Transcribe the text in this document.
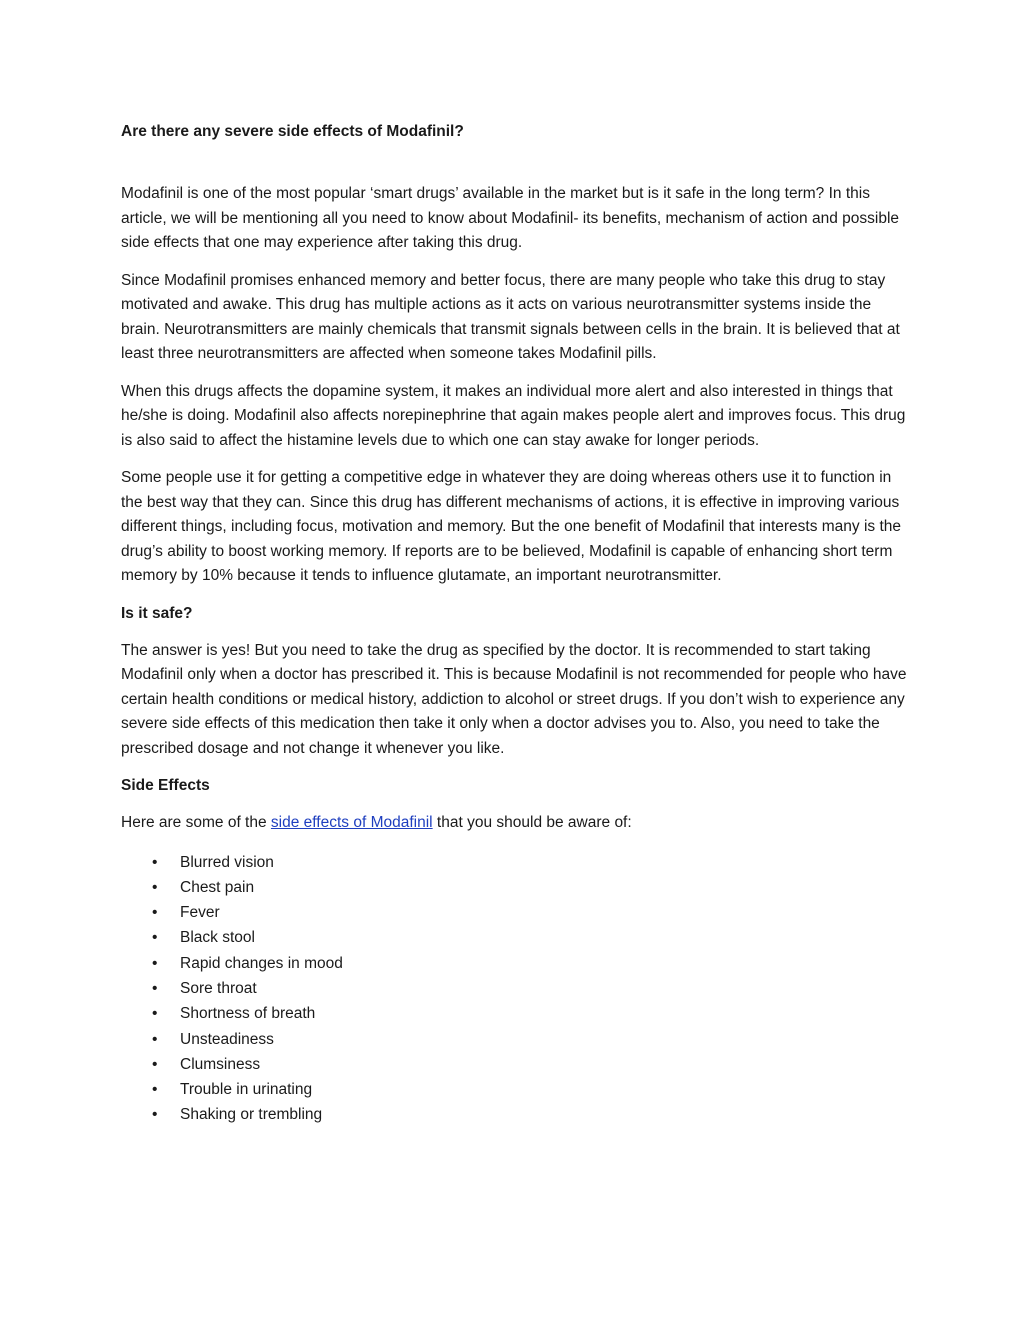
Are there any severe side effects of Modafinil?

Modafinil is one of the most popular ‘smart drugs’ available in the market but is it safe in the long term? In this article, we will be mentioning all you need to know about Modafinil- its benefits, mechanism of action and possible side effects that one may experience after taking this drug.

Since Modafinil promises enhanced memory and better focus, there are many people who take this drug to stay motivated and awake. This drug has multiple actions as it acts on various neurotransmitter systems inside the brain. Neurotransmitters are mainly chemicals that transmit signals between cells in the brain. It is believed that at least three neurotransmitters are affected when someone takes Modafinil pills.

When this drugs affects the dopamine system, it makes an individual more alert and also interested in things that he/she is doing. Modafinil also affects norepinephrine that again makes people alert and improves focus. This drug is also said to affect the histamine levels due to which one can stay awake for longer periods.

Some people use it for getting a competitive edge in whatever they are doing whereas others use it to function in the best way that they can. Since this drug has different mechanisms of actions, it is effective in improving various different things, including focus, motivation and memory. But the one benefit of Modafinil that interests many is the drug’s ability to boost working memory. If reports are to be believed, Modafinil is capable of enhancing short term memory by 10% because it tends to influence glutamate, an important neurotransmitter.

Is it safe?

The answer is yes! But you need to take the drug as specified by the doctor. It is recommended to start taking Modafinil only when a doctor has prescribed it. This is because Modafinil is not recommended for people who have certain health conditions or medical history, addiction to alcohol or street drugs. If you don’t wish to experience any severe side effects of this medication then take it only when a doctor advises you to. Also, you need to take the prescribed dosage and not change it whenever you like.

Side Effects

Here are some of the side effects of Modafinil that you should be aware of:

• Blurred vision
• Chest pain
• Fever
• Black stool
• Rapid changes in mood
• Sore throat
• Shortness of breath
• Unsteadiness
• Clumsiness
• Trouble in urinating
• Shaking or trembling
